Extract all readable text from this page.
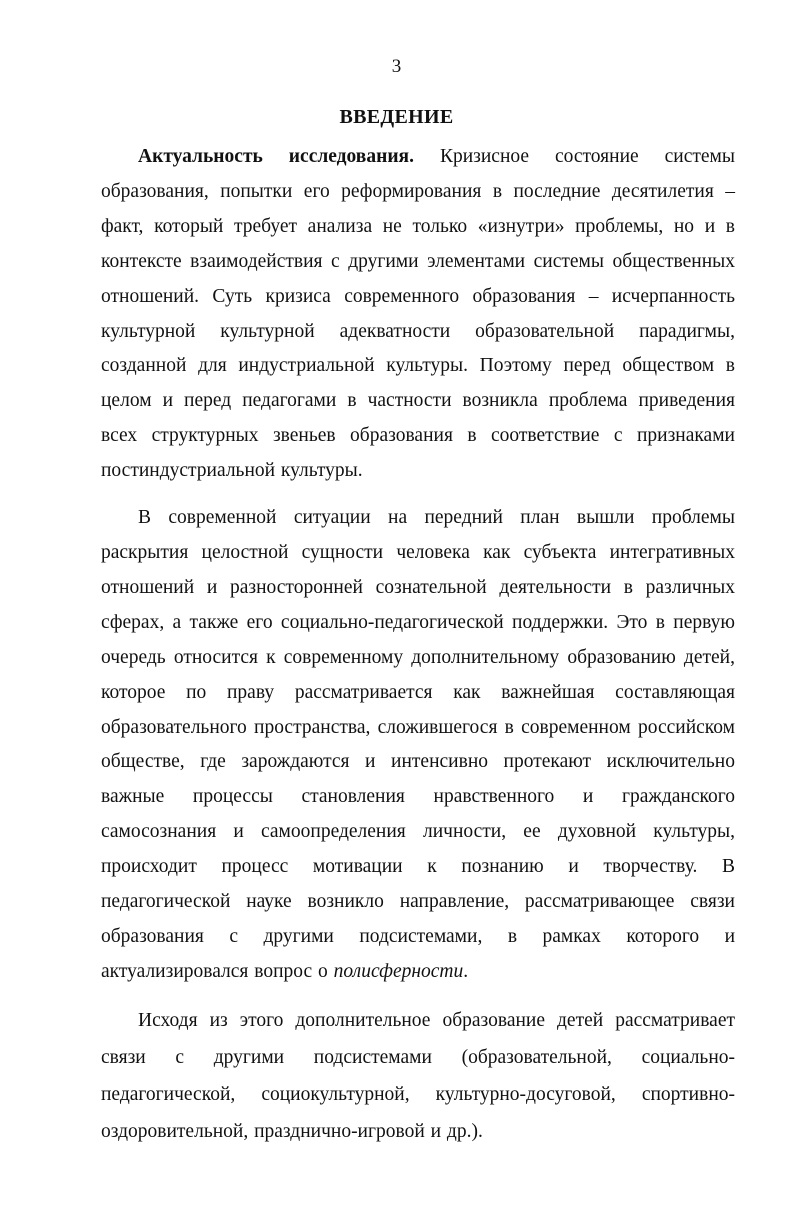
3
ВВЕДЕНИЕ

Актуальность исследования. Кризисное состояние системы образования, попытки его реформирования в последние десятилетия – факт, который требует анализа не только «изнутри» проблемы, но и в контексте взаимодействия с другими элементами системы общественных отношений. Суть кризиса современного образования – исчерпанность культурной культурной адекватности образовательной парадигмы, созданной для индустриальной культуры. Поэтому перед обществом в целом и перед педагогами в частности возникла проблема приведения всех структурных звеньев образования в соответствие с признаками постиндустриальной культуры.

В современной ситуации на передний план вышли проблемы раскрытия целостной сущности человека как субъекта интегративных отношений и разносторонней сознательной деятельности в различных сферах, а также его социально-педагогической поддержки. Это в первую очередь относится к современному дополнительному образованию детей, которое по праву рассматривается как важнейшая составляющая образовательного пространства, сложившегося в современном российском обществе, где зарождаются и интенсивно протекают исключительно важные процессы становления нравственного и гражданского самосознания и самоопределения личности, ее духовной культуры, происходит процесс мотивации к познанию и творчеству. В педагогической науке возникло направление, рассматривающее связи образования с другими подсистемами, в рамках которого и актуализировался вопрос о полисферности.

Исходя из этого дополнительное образование детей рассматривает связи с другими подсистемами (образовательной, социально-педагогической, социокультурной, культурно-досуговой, спортивно-оздоровительной, празднично-игровой и др.).
